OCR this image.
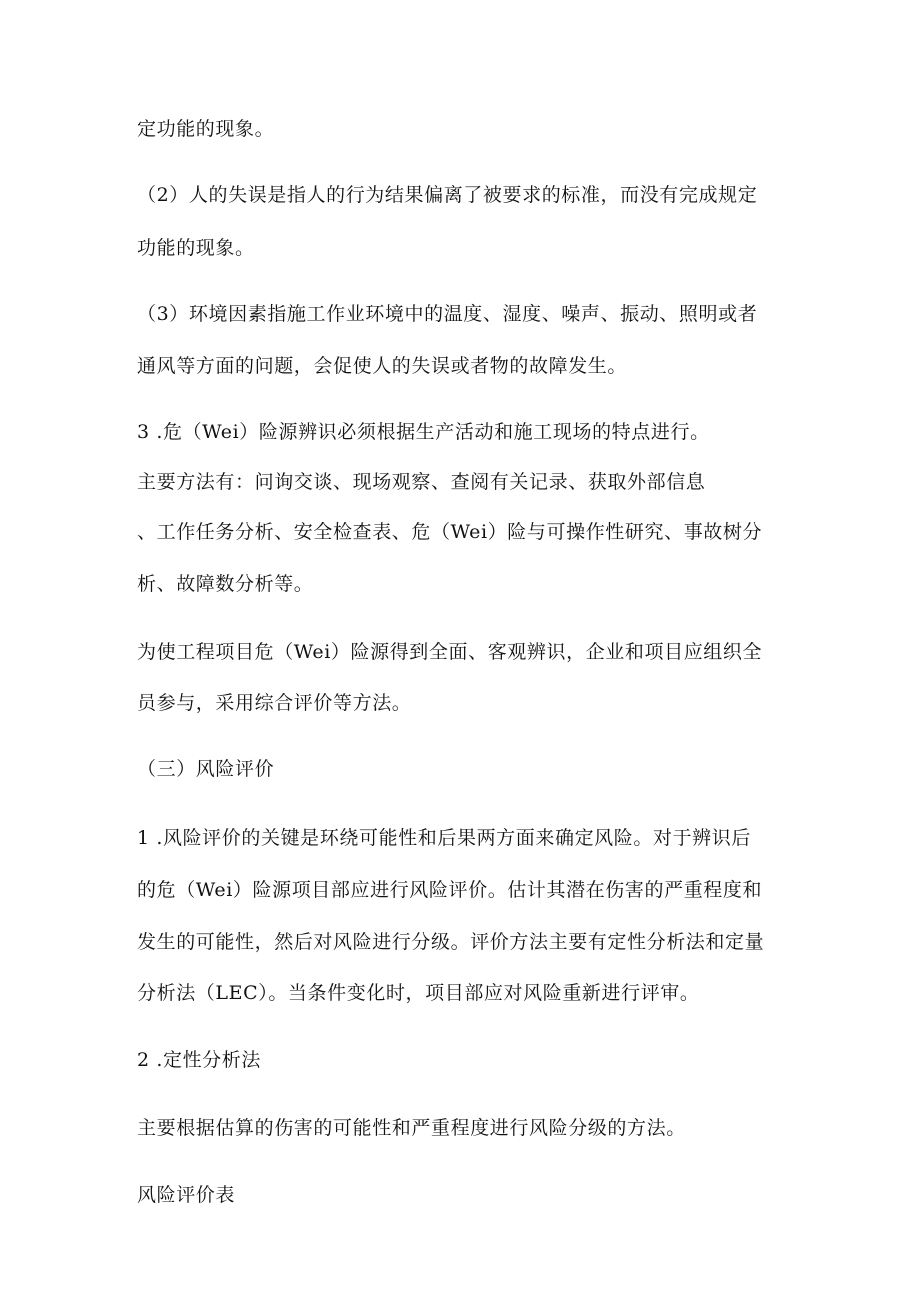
定功能的现象。
（2）人的失误是指人的行为结果偏离了被要求的标准，而没有完成规定
功能的现象。
（3）环境因素指施工作业环境中的温度、湿度、噪声、振动、照明或者
通风等方面的问题，会促使人的失误或者物的故障发生。
3 .危（Wei）险源辨识必须根据生产活动和施工现场的特点进行。
主要方法有：问询交谈、现场观察、查阅有关记录、获取外部信息
、工作任务分析、安全检查表、危（Wei）险与可操作性研究、事故树分
析、故障数分析等。
为使工程项目危（Wei）险源得到全面、客观辨识，企业和项目应组织全
员参与，采用综合评价等方法。
（三）风险评价
1 .风险评价的关键是环绕可能性和后果两方面来确定风险。对于辨识后
的危（Wei）险源项目部应进行风险评价。估计其潜在伤害的严重程度和
发生的可能性，然后对风险进行分级。评价方法主要有定性分析法和定量
分析法（LEC）。当条件变化时，项目部应对风险重新进行评审。
2 .定性分析法
主要根据估算的伤害的可能性和严重程度进行风险分级的方法。
风险评价表
